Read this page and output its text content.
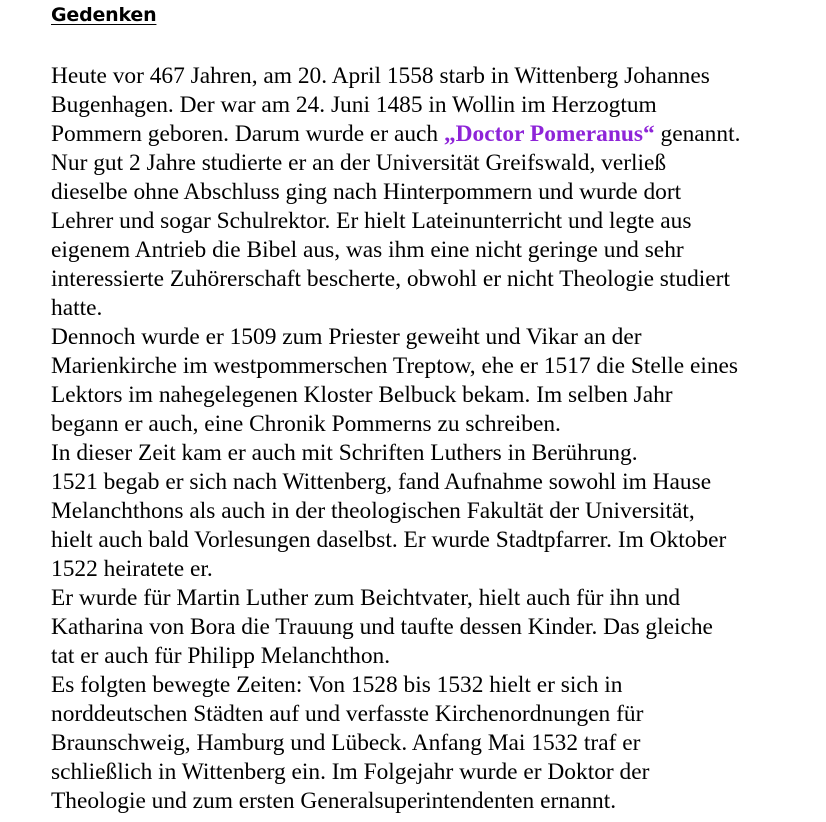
Gedenken

Heute vor 467 Jahren, am 20. April 1558 starb in Wittenberg Johannes
Bugenhagen. Der war am 24. Juni 1485 in Wollin im Herzogtum
Pommern geboren. Darum wurde er auch „Doctor Pomeranus“ genannt.
Nur gut 2 Jahre studierte er an der Universität Greifswald, verließ
dieselbe ohne Abschluss ging nach Hinterpommern und wurde dort
Lehrer und sogar Schulrektor. Er hielt Lateinunterricht und legte aus
eigenem Antrieb die Bibel aus, was ihm eine nicht geringe und sehr
interessierte Zuhörerschaft bescherte, obwohl er nicht Theologie studiert
hatte.

Dennoch wurde er 1509 zum Priester geweiht und Vikar an der
Marienkirche im westpommerschen Treptow, ehe er 1517 die Stelle eines
Lektors im nahegelegenen Kloster Belbuck bekam. Im selben Jahr
begann er auch, eine Chronik Pommerns zu schreiben.

In dieser Zeit kam er auch mit Schriften Luthers in Berührung.

1521 begab er sich nach Wittenberg, fand Aufnahme sowohl im Hause
Melanchthons als auch in der theologischen Fakultät der Universität,
hielt auch bald Vorlesungen daselbst. Er wurde Stadtpfarrer. Im Oktober
1522 heiratete er.

Er wurde für Martin Luther zum Beichtvater, hielt auch für ihn und
Katharina von Bora die Trauung und taufte dessen Kinder. Das gleiche
tat er auch für Philipp Melanchthon.

Es folgten bewegte Zeiten: Von 1528 bis 1532 hielt er sich in
norddeutschen Städten auf und verfasste Kirchenordnungen für
Braunschweig, Hamburg und Lübeck. Anfang Mai 1532 traf er
schließlich in Wittenberg ein. Im Folgejahr wurde er Doktor der
Theologie und zum ersten Generalsuperintendenten ernannt.
